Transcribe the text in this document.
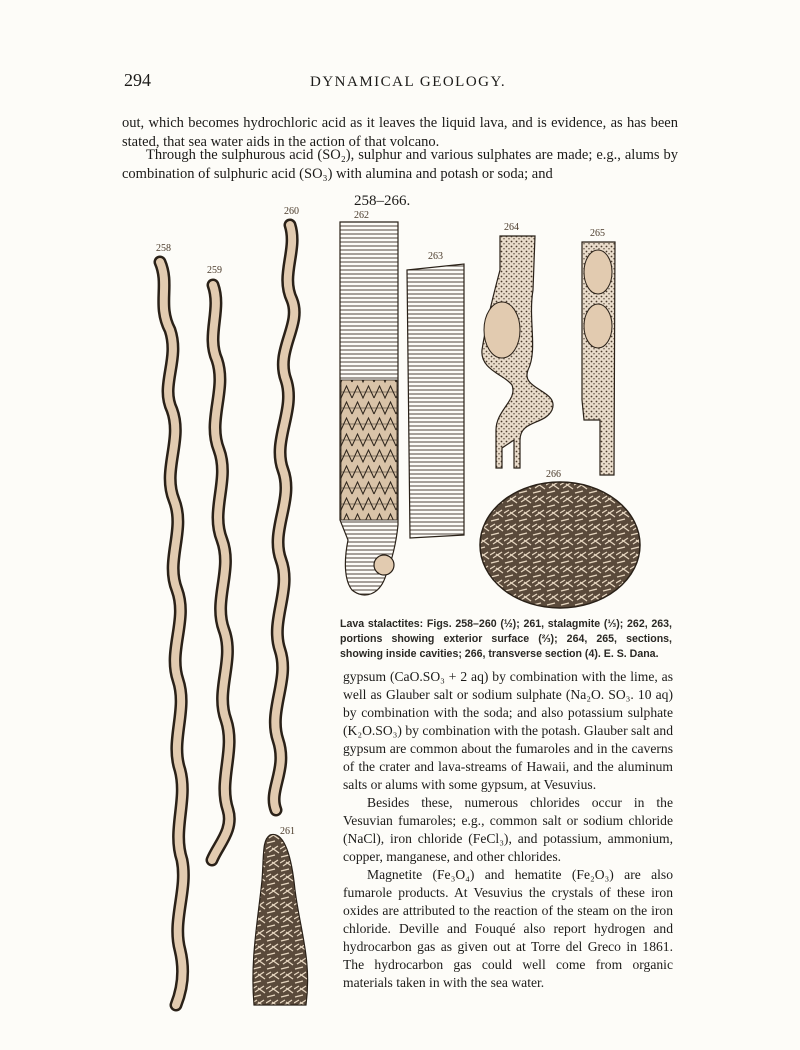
294	DYNAMICAL GEOLOGY.

out, which becomes hydrochloric acid as it leaves the liquid lava, and is evidence, as has been stated, that sea water aids in the action of that volcano.

Through the sulphurous acid (SO₂), sulphur and various sulphates are made; e.g., alums by combination of sulphuric acid (SO₃) with alumina and potash or soda; and

258–266.
258
259
260
261
262
263
264
265
266
Lava stalactites: Figs. 258–260 (½); 261, stalagmite (⅓); 262, 263, portions showing exterior surface (⅔); 264, 265, sections, showing inside cavities; 266, transverse section (4). E. S. Dana.

gypsum (CaO.SO₃ + 2 aq) by combination with the lime, as well as Glauber salt or sodium sulphate (Na₂O. SO₃. 10 aq) by combination with the soda; and also potassium sulphate (K₂O.SO₃) by combination with the potash. Glauber salt and gypsum are common about the fumaroles and in the caverns of the crater and lava-streams of Hawaii, and the aluminum salts or alums with some gypsum, at Vesuvius.

Besides these, numerous chlorides occur in the Vesuvian fumaroles; e.g., common salt or sodium chloride (NaCl), iron chloride (FeCl₃), and potassium, ammonium, copper, manganese, and other chlorides.

Magnetite (Fe₃O₄) and hematite (Fe₂O₃) are also fumarole products. At Vesuvius the crystals of these iron oxides are attributed to the reaction of the steam on the iron chloride. Deville and Fouqué also report hydrogen and hydrocarbon gas as given out at Torre del Greco in 1861. The hydrocarbon gas could well come from organic materials taken in with the sea water.
